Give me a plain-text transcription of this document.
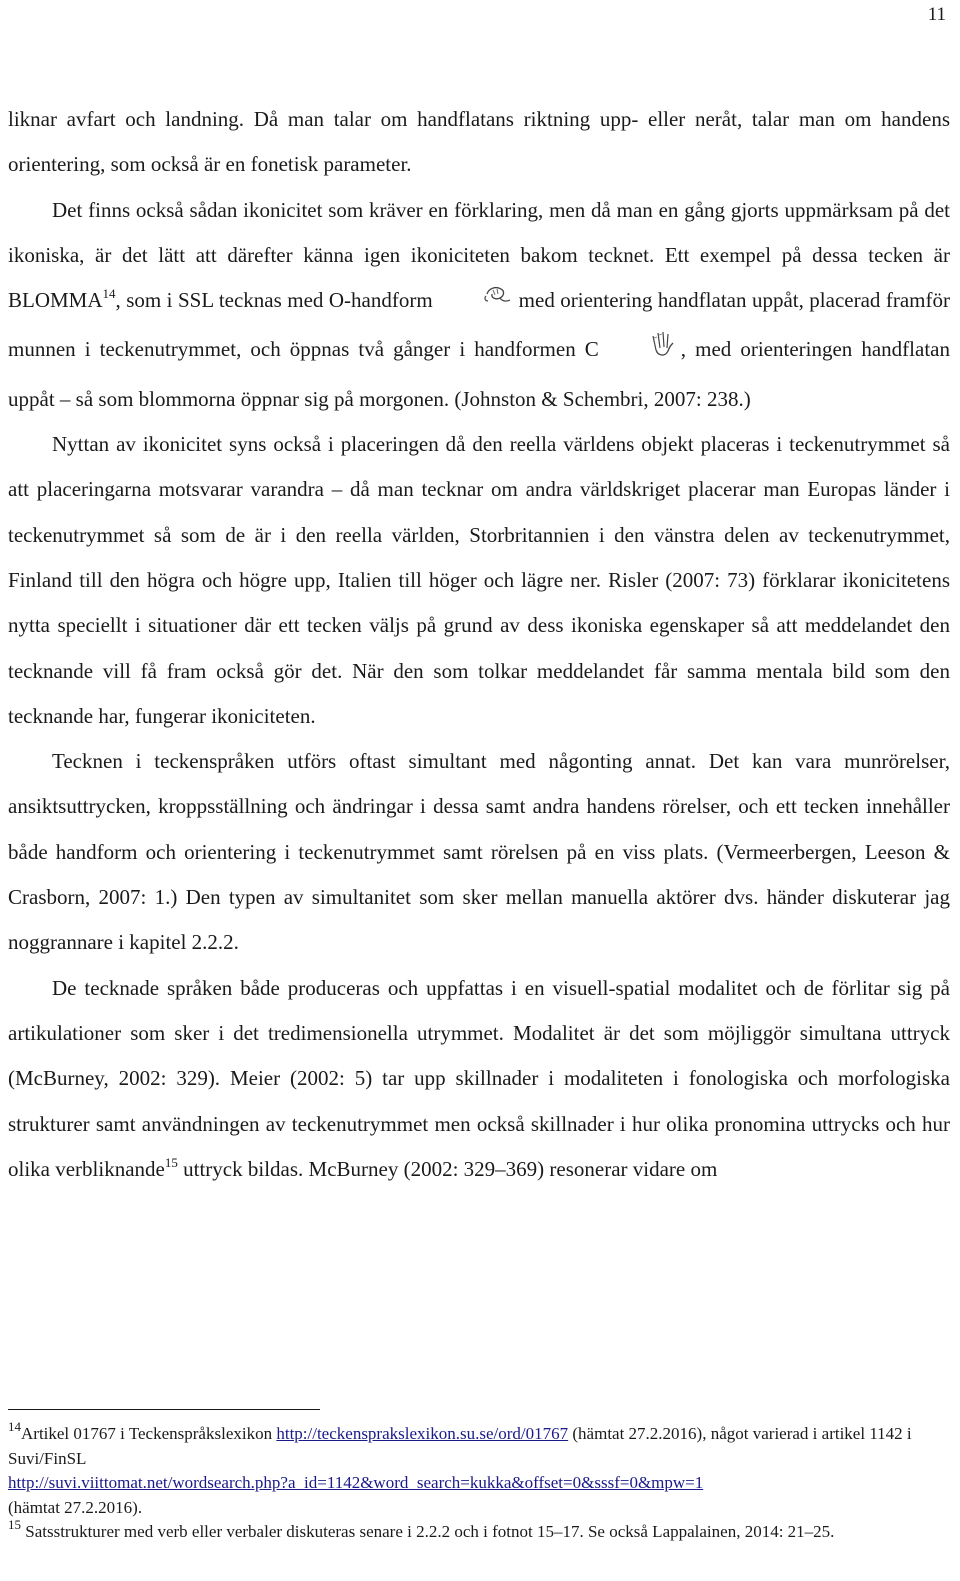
11

liknar avfart och landning. Då man talar om handflatans riktning upp- eller neråt, talar man om handens orientering, som också är en fonetisk parameter.

Det finns också sådan ikonicitet som kräver en förklaring, men då man en gång gjorts uppmärksam på det ikoniska, är det lätt att därefter känna igen ikoniciteten bakom tecknet. Ett exempel på dessa tecken är BLOMMA$^{14}$, som i SSL tecknas med O-handform	med orientering handflatan uppåt, placerad framför munnen i teckenutrymmet, och öppnas två gånger i handformen C	, med orienteringen handflatan uppåt – så som blommorna öppnar sig på morgonen. (Johnston & Schembri, 2007: 238.)

Nyttan av ikonicitet syns också i placeringen då den reella världens objekt placeras i teckenutrymmet så att placeringarna motsvarar varandra – då man tecknar om andra världskriget placerar man Europas länder i teckenutrymmet så som de är i den reella världen, Storbritannien i den vänstra delen av teckenutrymmet, Finland till den högra och högre upp, Italien till höger och lägre ner. Risler (2007: 73) förklarar ikonicitetens nytta speciellt i situationer där ett tecken väljs på grund av dess ikoniska egenskaper så att meddelandet den tecknande vill få fram också gör det. När den som tolkar meddelandet får samma mentala bild som den tecknande har, fungerar ikoniciteten.

Tecknen i teckenspråken utförs oftast simultant med någonting annat. Det kan vara munrörelser, ansiktsuttrycken, kroppsställning och ändringar i dessa samt andra handens rörelser, och ett tecken innehåller både handform och orientering i teckenutrymmet samt rörelsen på en viss plats. (Vermeerbergen, Leeson & Crasborn, 2007: 1.) Den typen av simultanitet som sker mellan manuella aktörer dvs. händer diskuterar jag noggrannare i kapitel 2.2.2.

De tecknade språken både produceras och uppfattas i en visuell-spatial modalitet och de förlitar sig på artikulationer som sker i det tredimensionella utrymmet. Modalitet är det som möjliggör simultana uttryck (McBurney, 2002: 329). Meier (2002: 5) tar upp skillnader i modaliteten i fonologiska och morfologiska strukturer samt användningen av teckenutrymmet men också skillnader i hur olika pronomina uttrycks och hur olika verbliknande$^{15}$ uttryck bildas. McBurney (2002: 329–369) resonerar vidare om

$^{14}$Artikel 01767 i Teckenspråkslexikon http://teckensprakslexikon.su.se/ord/01767 (hämtat 27.2.2016), något varierad i artikel 1142 i Suvi/FinSL
http://suvi.viittomat.net/wordsearch.php?a_id=1142&word_search=kukka&offset=0&sssf=0&mpw=1
(hämtat 27.2.2016).

$^{15}$ Satsstrukturer med verb eller verbaler diskuteras senare i 2.2.2 och i fotnot 15–17. Se också Lappalainen, 2014: 21–25.
